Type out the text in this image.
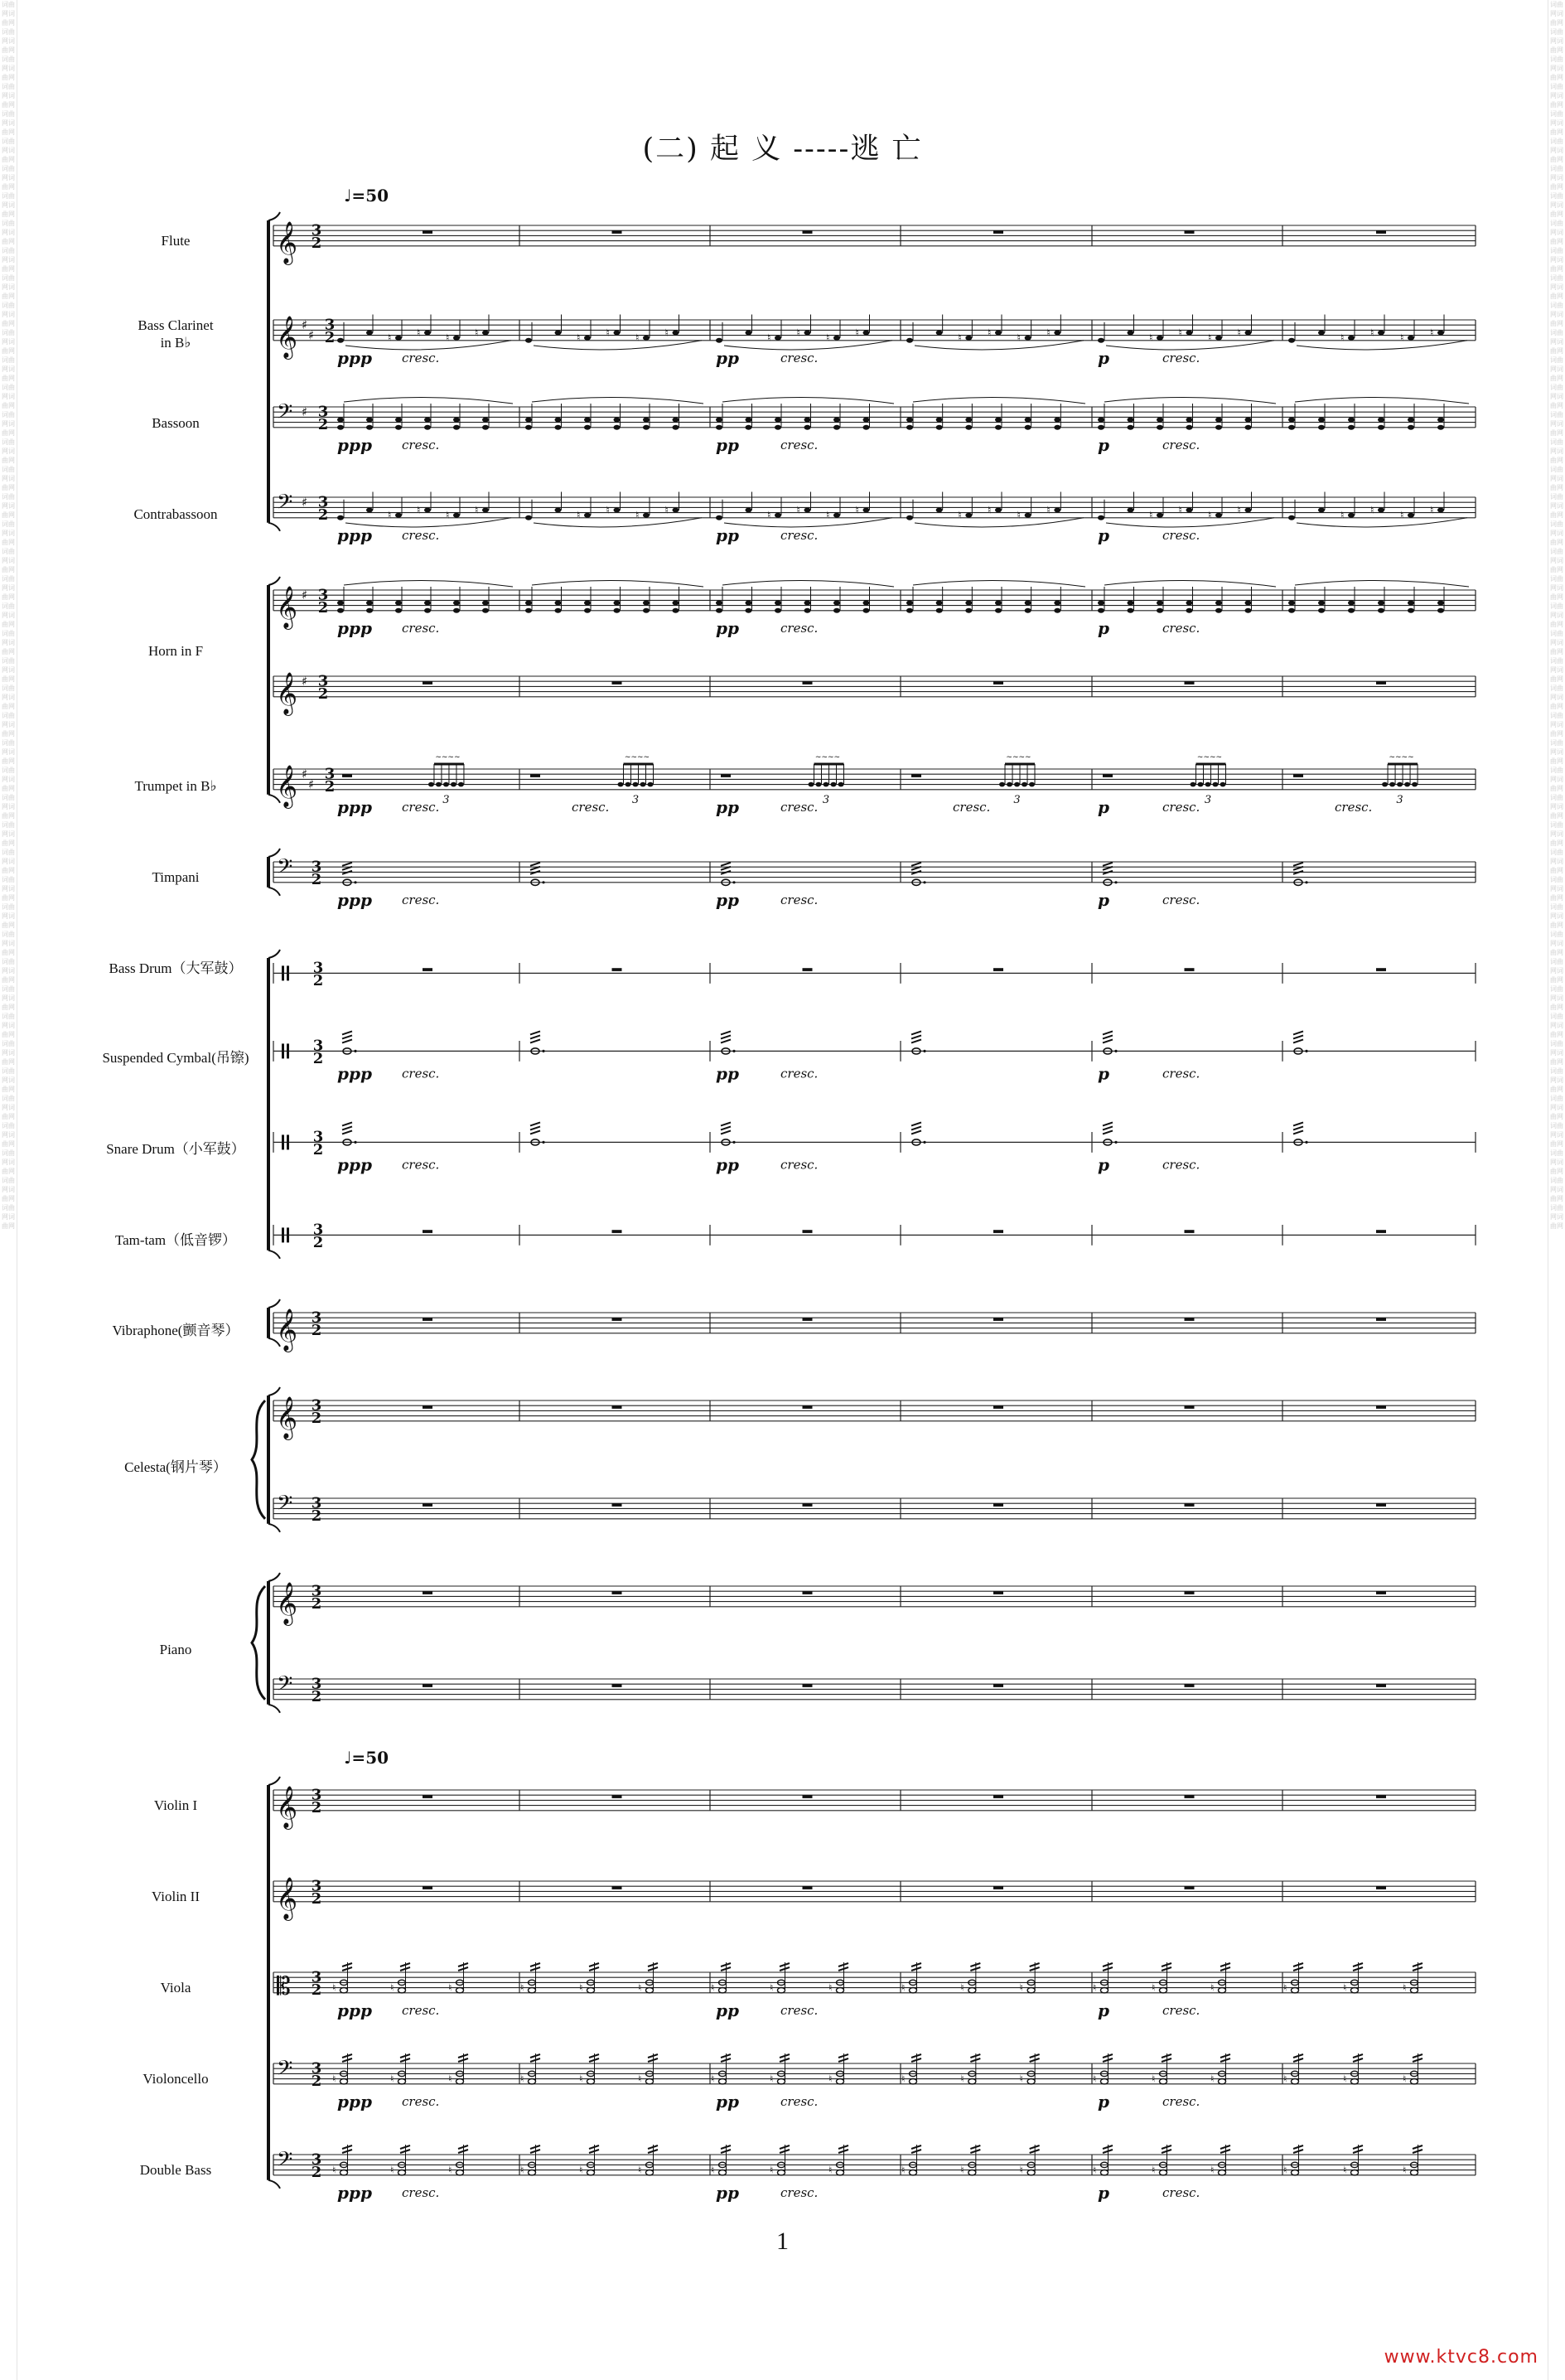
词曲网词曲网词曲网词曲网词曲网词曲网词曲网词曲网词曲网词曲网词曲网词曲网词曲网词曲网词曲网词曲网词曲网词曲网词曲网词曲网词曲网词曲网词曲网词曲网词曲网词曲网词曲网词曲网词曲网词曲网词曲网词曲网词曲网词曲网词曲网词曲网词曲网词曲网词曲网词曲网词曲网词曲网词曲网词曲网词曲网词曲网词曲网词曲网词曲网词曲网词曲网词曲网词曲网词曲网词曲网词曲网词曲网词曲网词曲网词曲网词曲网词曲网词曲网词曲网词曲网词曲网词曲网词曲网词曲网词曲网词曲网词曲网词曲网词曲网词曲网词曲网词曲网词曲网词曲网词曲网词曲网词曲网词曲网词曲网词曲网词曲网词曲网词曲网词曲网词曲网
词曲网词曲网词曲网词曲网词曲网词曲网词曲网词曲网词曲网词曲网词曲网词曲网词曲网词曲网词曲网词曲网词曲网词曲网词曲网词曲网词曲网词曲网词曲网词曲网词曲网词曲网词曲网词曲网词曲网词曲网词曲网词曲网词曲网词曲网词曲网词曲网词曲网词曲网词曲网词曲网词曲网词曲网词曲网词曲网词曲网词曲网词曲网词曲网词曲网词曲网词曲网词曲网词曲网词曲网词曲网词曲网词曲网词曲网词曲网词曲网词曲网词曲网词曲网词曲网词曲网词曲网词曲网词曲网词曲网词曲网词曲网词曲网词曲网词曲网词曲网词曲网词曲网词曲网词曲网词曲网词曲网词曲网词曲网词曲网词曲网词曲网词曲网词曲网词曲网词曲网
(二) 起 义 -----逃 亡
♩=50
♩=50
𝄞 3
2
𝄞 ♯
♯
3
2	♮	♮	♮	♮
ppp cresc.
♮	♮	♮	♮	♮	♮	♮	♮
pp	cresc.
♮	♮	♮	♮	♮	♮	♮	♮
p	cresc.
♮	♮	♮	♮
𝄢 ♯ 3
2
ppp cresc.	pp	cresc.	p	cresc.
𝄢 ♯ 3
2	♮	♮	♮	♮
ppp cresc.
♮	♮	♮	♮	♮	♮	♮	♮
pp	cresc.
♮	♮	♮	♮	♮	♮	♮	♮
p	cresc.
♮	♮	♮	♮
𝄞 ♯ 3
2
ppp cresc.	pp	cresc.	p	cresc.
𝄞 ♯ 3
2
𝄞 ♯
♯
3
2
3
~~~~
ppp cresc.	3
~~~~
cresc.	3
~~~~
pp	cresc.	3
~~~~
cresc.	3
~~~~
p	cresc.	3
~~~~
cresc.
𝄢 3
2
ppp cresc.	pp	cresc.	p	cresc.
3
2
3
2
ppp cresc.	pp	cresc.	p	cresc.
3
2
ppp cresc.	pp	cresc.	p	cresc.
3
2
𝄞 3
2
𝄞 3
2
𝄢 3
2
𝄞 3
2
𝄢 3
2
𝄞 3
2
𝄞 3
2
𝄡 3
2 ♮	♮	♮
ppp cresc.
♮	♮	♮	♮	♮	♮
pp	cresc.
♮	♮	♮	♮	♮	♮
p	cresc.
♮	♮	♮
𝄢 3
2 ♮	♮	♮
ppp cresc.
♮	♮	♮	♮	♮	♮
pp	cresc.
♮	♮	♮	♮	♮	♮
p	cresc.
♮	♮	♮
𝄢 3
2 ♮	♮	♮
ppp cresc.
♮	♮	♮	♮	♮	♮
pp	cresc.
♮	♮	♮	♮	♮	♮
p	cresc.
♮	♮	♮
Flute
Bass Clarinet
in B♭
Bassoon
Contrabassoon
Horn in F
Trumpet in B♭
Timpani
Bass Drum（大军鼓）
Suspended Cymbal(吊镲)
Snare Drum（小军鼓）
Tam-tam（低音锣）
Vibraphone(颤音琴）
Celesta(钢片琴）
Piano
Violin I
Violin II
Viola
Violoncello
Double Bass
1
www.ktvc8.com
